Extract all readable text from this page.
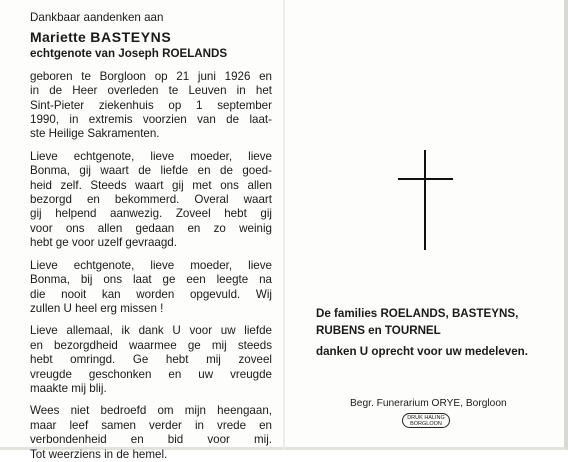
Dankbaar aandenken aan

Mariette BASTEYNS

echtgenote van Joseph ROELANDS

geboren te Borgloon op 21 juni 1926 en
in de Heer overleden te Leuven in het
Sint-Pieter ziekenhuis op 1 september
1990, in extremis voorzien van de laat-
ste Heilige Sakramenten.

Lieve echtgenote, lieve moeder, lieve
Bonma, gij waart de liefde en de goed-
heid zelf. Steeds waart gij met ons allen
bezorgd en bekommerd. Overal waart
gij helpend aanwezig. Zoveel hebt gij
voor ons allen gedaan en zo weinig
hebt ge voor uzelf gevraagd.

Lieve echtgenote, lieve moeder, lieve
Bonma, bij ons laat ge een leegte na
die nooit kan worden opgevuld. Wij
zullen U heel erg missen !

Lieve allemaal, ik dank U voor uw liefde
en bezorgdheid waarmee ge mij steeds
hebt omringd. Ge hebt mij zoveel
vreugde geschonken en uw vreugde
maakte mij blij.

Wees niet bedroefd om mijn heengaan,
maar leef samen verder in vrede en
verbondenheid en bid voor mij.
Tot weerziens in de hemel.

De families ROELANDS, BASTEYNS,
RUBENS en TOURNEL
danken U oprecht voor uw medeleven.
Begr. Funerarium ORYE, Borgloon
DRUK HALING
BORGLOON
